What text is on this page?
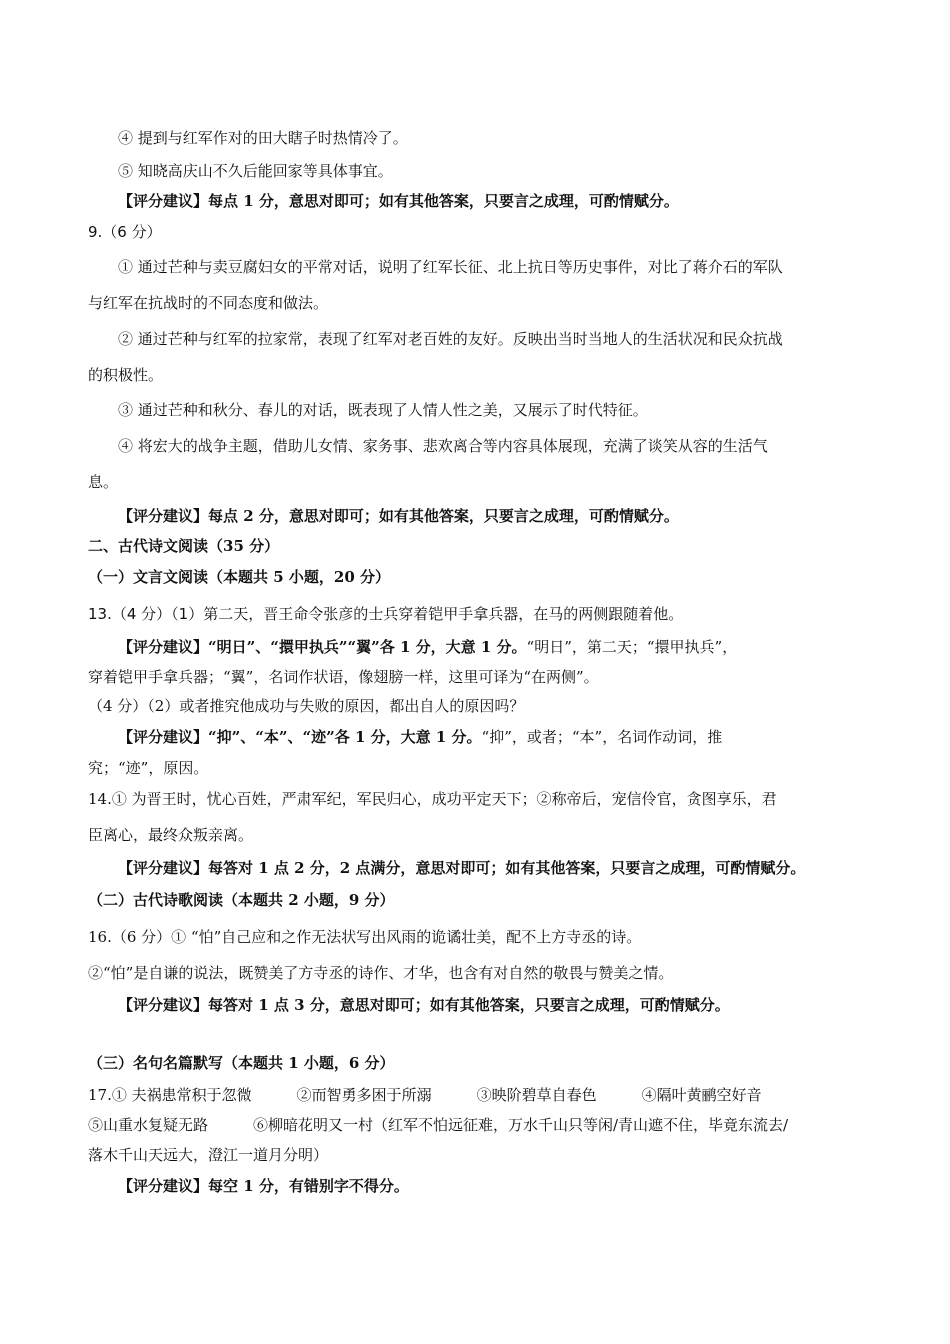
④ 提到与红军作对的田大瞎子时热情冷了。
⑤ 知晓高庆山不久后能回家等具体事宜。
【评分建议】每点 1 分，意思对即可；如有其他答案，只要言之成理，可酌情赋分。
9.（6 分）
① 通过芒种与卖豆腐妇女的平常对话，说明了红军长征、北上抗日等历史事件，对比了蒋介石的军队
与红军在抗战时的不同态度和做法。
② 通过芒种与红军的拉家常，表现了红军对老百姓的友好。反映出当时当地人的生活状况和民众抗战
的积极性。
③ 通过芒种和秋分、春儿的对话，既表现了人情人性之美，又展示了时代特征。
④ 将宏大的战争主题，借助儿女情、家务事、悲欢离合等内容具体展现，充满了谈笑从容的生活气
息。
【评分建议】每点 2 分，意思对即可；如有其他答案，只要言之成理，可酌情赋分。
二、古代诗文阅读（35 分）
（一）文言文阅读（本题共 5 小题，20 分）
13.（4 分）（1）第二天，晋王命令张彦的士兵穿着铠甲手拿兵器，在马的两侧跟随着他。
【评分建议】“明日”、“擐甲执兵”“翼”各 1 分，大意 1 分。“明日”，第二天；“擐甲执兵”，
穿着铠甲手拿兵器；“翼”，名词作状语，像翅膀一样，这里可译为“在两侧”。
（4 分）（2）或者推究他成功与失败的原因，都出自人的原因吗？
【评分建议】“抑”、“本”、“迹”各 1 分，大意 1 分。“抑”，或者；“本”，名词作动词，推
究；“迹”，原因。
14.① 为晋王时，忧心百姓，严肃军纪，军民归心，成功平定天下；②称帝后，宠信伶官，贪图享乐，君
臣离心，最终众叛亲离。
【评分建议】每答对 1 点 2 分，2 点满分，意思对即可；如有其他答案，只要言之成理，可酌情赋分。
（二）古代诗歌阅读（本题共 2 小题，9 分）
16.（6 分）① “怕”自己应和之作无法状写出风雨的诡谲壮美，配不上方寺丞的诗。
②“怕”是自谦的说法，既赞美了方寺丞的诗作、才华，也含有对自然的敬畏与赞美之情。
【评分建议】每答对 1 点 3 分，意思对即可；如有其他答案，只要言之成理，可酌情赋分。
（三）名句名篇默写（本题共 1 小题，6 分）
17.① 夫祸患常积于忽微　　　②而智勇多困于所溺　　　③映阶碧草自春色　　　④隔叶黄鹂空好音
⑤山重水复疑无路　　　⑥柳暗花明又一村（红军不怕远征难，万水千山只等闲/青山遮不住，毕竟东流去/
落木千山天远大，澄江一道月分明）
【评分建议】每空 1 分，有错别字不得分。
